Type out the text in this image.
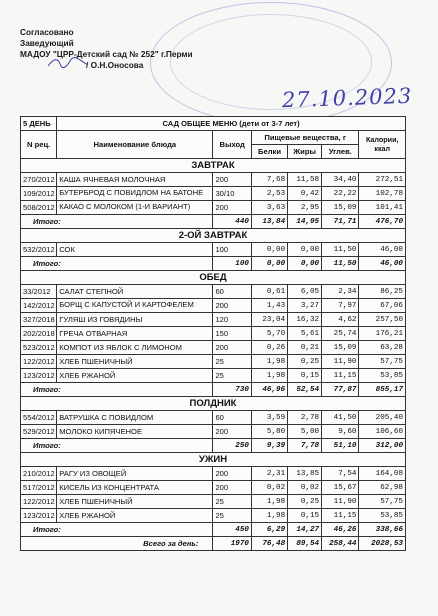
Согласовано
Заведующий
МАДОУ "ЦРР-Детский сад № 252" г.Перми
/ О.Н.Оносова
27.10.2023
5 ДЕНЬ	САД ОБЩЕЕ МЕНЮ (дети от 3-7 лет)					
N рец.	Наименование блюда	Выход	Пищевые вещества, г			Калории, ккал
			Белки	Жиры	Углев.	
ЗАВТРАК						
270/2012	КАША ЯЧНЕВАЯ МОЛОЧНАЯ	200	7,68	11,58	34,40	272,51
109/2012	БУТЕРБРОД С ПОВИДЛОМ НА БАТОНЕ	30/10	2,53	0,42	22,22	102,78
508/2012	КАКАО С МОЛОКОМ (1-И ВАРИАНТ)	200	3,63	2,95	15,09	101,41
Итого:		440	13,84	14,95	71,71	476,70
2-ОЙ ЗАВТРАК						
532/2012	СОК	100	0,00	0,00	11,50	46,00
Итого:		100	0,00	0,00	11,50	46,00
ОБЕД						
33/2012	САЛАТ СТЕПНОЙ	60	0,61	6,05	2,34	86,25
142/2012	БОРЩ С КАПУСТОЙ И КАРТОФЕЛЕМ	200	1,43	3,27	7,97	67,06
327/2018	ГУЛЯШ ИЗ ГОВЯДИНЫ	120	23,04	16,32	4,62	257,50
202/2018	ГРЕЧА ОТВАРНАЯ	150	5,70	5,61	25,74	176,21
523/2012	КОМПОТ ИЗ ЯБЛОК С ЛИМОНОМ	200	0,26	0,21	15,09	63,28
122/2012	ХЛЕБ ПШЕНИЧНЫЙ	25	1,98	0,25	11,90	57,75
123/2012	ХЛЕБ РЖАНОЙ	25	1,98	0,15	11,15	53,85
Итого:		730	46,96	52,54	77,87	855,17
ПОЛДНИК						
554/2012	ВАТРУШКА С ПОВИДЛОМ	60	3,59	2,78	41,50	205,40
529/2012	МОЛОКО КИПЯЧЕНОЕ	200	5,80	5,00	9,60	106,60
Итого:		250	9,39	7,78	51,10	312,00
УЖИН						
210/2012	РАГУ ИЗ ОВОЩЕЙ	200	2,31	13,85	7,54	164,08
517/2012	КИСЕЛЬ ИЗ КОНЦЕНТРАТА	200	0,02	0,02	15,67	62,98
122/2012	ХЛЕБ ПШЕНИЧНЫЙ	25	1,98	0,25	11,90	57,75
123/2012	ХЛЕБ РЖАНОЙ	25	1,98	0,15	11,15	53,85
Итого:		450	6,29	14,27	46,26	338,66
Всего за день:		1970	76,48	89,54	258,44	2028,53
